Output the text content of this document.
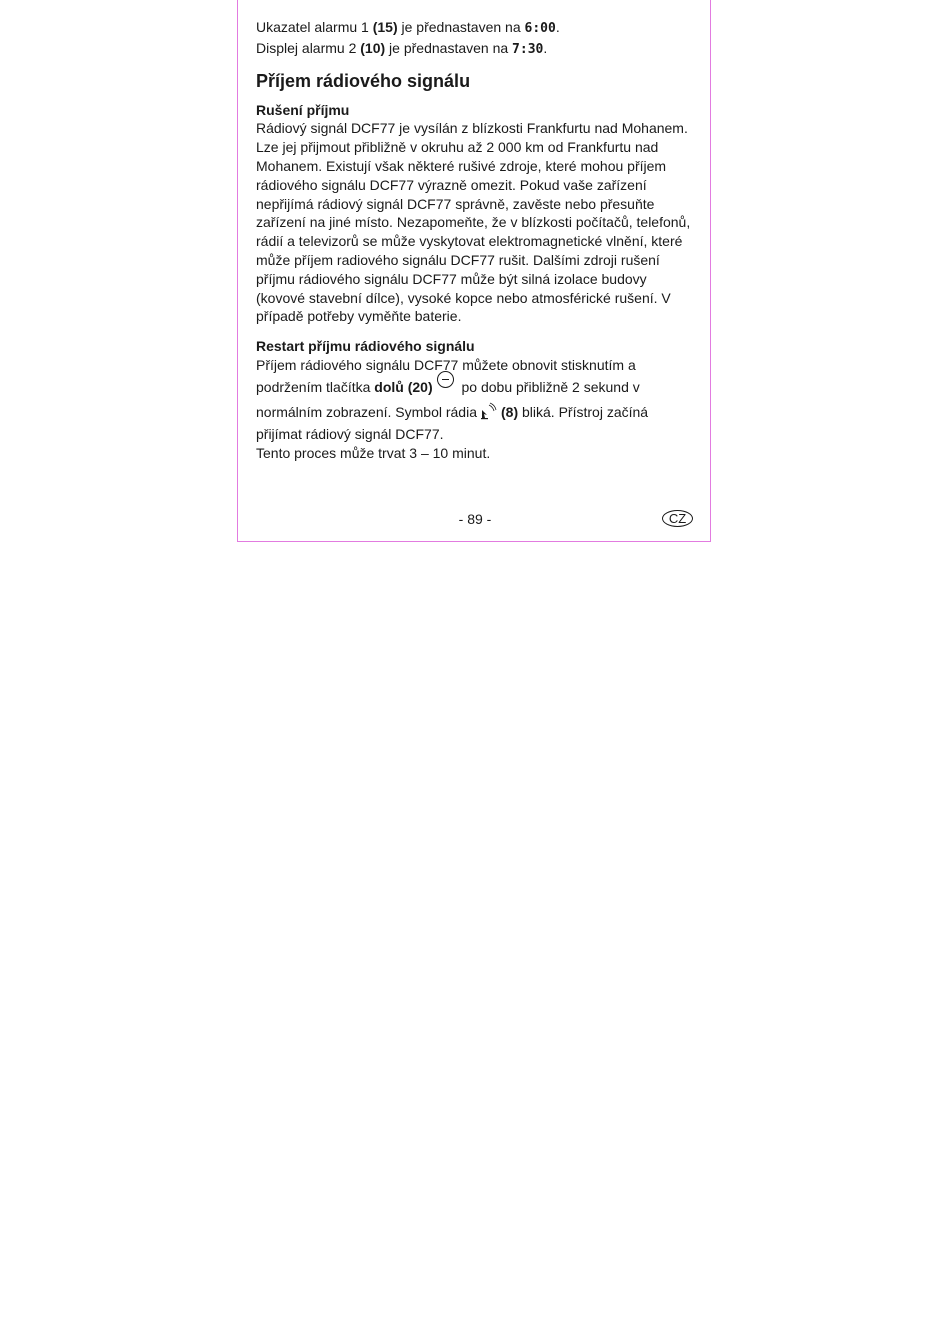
Ukazatel alarmu 1 (15) je přednastaven na 6:00.
Displej alarmu 2 (10) je přednastaven na 7:30.
Příjem rádiového signálu
Rušení příjmu
Rádiový signál DCF77 je vysílán z blízkosti Frankfurtu nad Mohanem.
Lze jej přijmout přibližně v okruhu až 2 000 km od Frankfurtu nad
Mohanem. Existují však některé rušivé zdroje, které mohou příjem
rádiového signálu DCF77 výrazně omezit. Pokud vaše zařízení
nepřijímá rádiový signál DCF77 správně, zavěste nebo přesuňte
zařízení na jiné místo. Nezapomeňte, že v blízkosti počítačů, telefonů,
rádií a televizorů se může vyskytovat elektromagnetické vlnění, které
může příjem radiového signálu DCF77 rušit. Dalšími zdroji rušení
příjmu rádiového signálu DCF77 může být silná izolace budovy
(kovové stavební dílce), vysoké kopce nebo atmosférické rušení. V
případě potřeby vyměňte baterie.
Restart příjmu rádiového signálu
Příjem rádiového signálu DCF77 můžete obnovit stisknutím a
podržením tlačítka dolů (20) po dobu přibližně 2 sekund v
normálním zobrazení. Symbol rádia (8) bliká. Přístroj začíná
přijímat rádiový signál DCF77.
Tento proces může trvat 3 – 10 minut.
- 89 -	CZ
